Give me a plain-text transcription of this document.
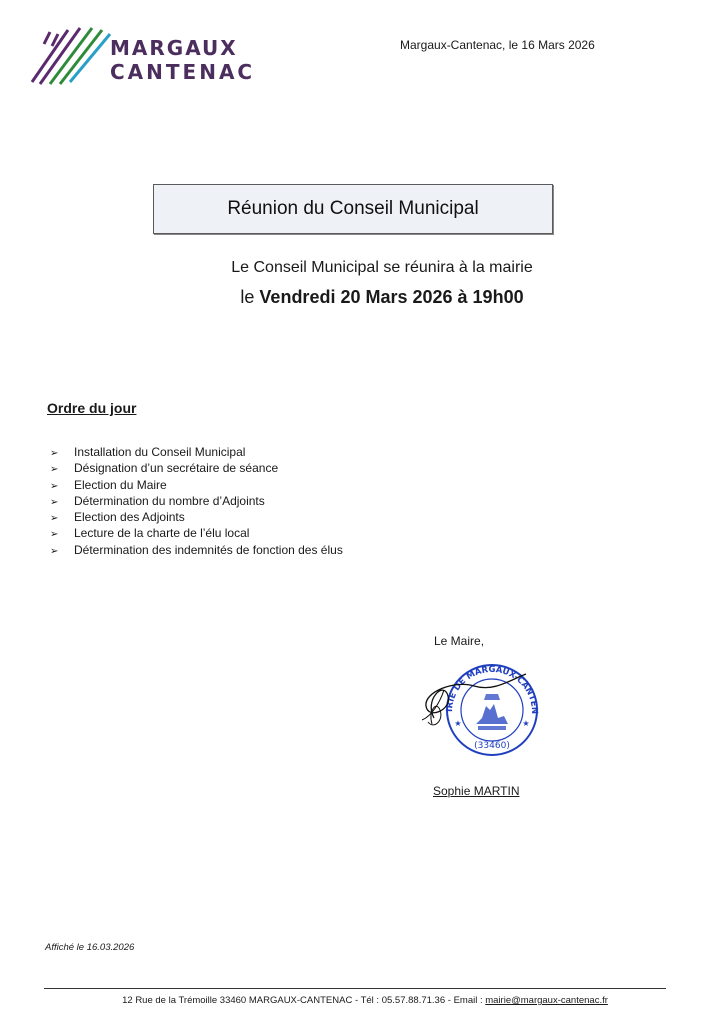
MARGAUX
CANTENAC
Margaux-Cantenac, le 16 Mars 2026
Réunion du Conseil Municipal
Le Conseil Municipal se réunira à la mairie
le Vendredi 20 Mars 2026 à 19h00
Ordre du jour
➢ Installation du Conseil Municipal
➢ Désignation d’un secrétaire de séance
➢ Election du Maire
➢ Détermination du nombre d’Adjoints
➢ Election des Adjoints
➢ Lecture de la charte de l’élu local
➢ Détermination des indemnités de fonction des élus
Le Maire,
IRIE DE MARGAUX-CANTEN
(33460)
★	★
Sophie MARTIN
Affiché le 16.03.2026
12 Rue de la Trémoille 33460 MARGAUX-CANTENAC - Tél : 05.57.88.71.36 - Email : mairie@margaux-cantenac.fr
